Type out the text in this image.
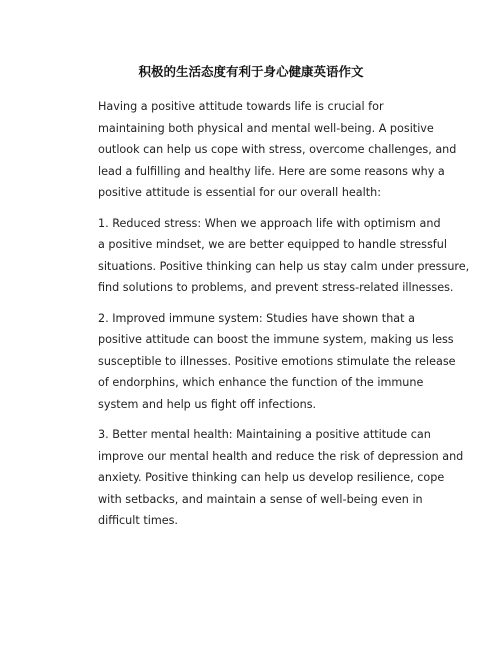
积极的生活态度有利于身心健康英语作文

Having a positive attitude towards life is crucial for
maintaining both physical and mental well-being. A positive
outlook can help us cope with stress, overcome challenges, and
lead a fulfilling and healthy life. Here are some reasons why a
positive attitude is essential for our overall health:

1. Reduced stress: When we approach life with optimism and
a positive mindset, we are better equipped to handle stressful
situations. Positive thinking can help us stay calm under pressure,
find solutions to problems, and prevent stress-related illnesses.

2. Improved immune system: Studies have shown that a
positive attitude can boost the immune system, making us less
susceptible to illnesses. Positive emotions stimulate the release
of endorphins, which enhance the function of the immune
system and help us fight off infections.

3. Better mental health: Maintaining a positive attitude can
improve our mental health and reduce the risk of depression and
anxiety. Positive thinking can help us develop resilience, cope
with setbacks, and maintain a sense of well-being even in
difficult times.
